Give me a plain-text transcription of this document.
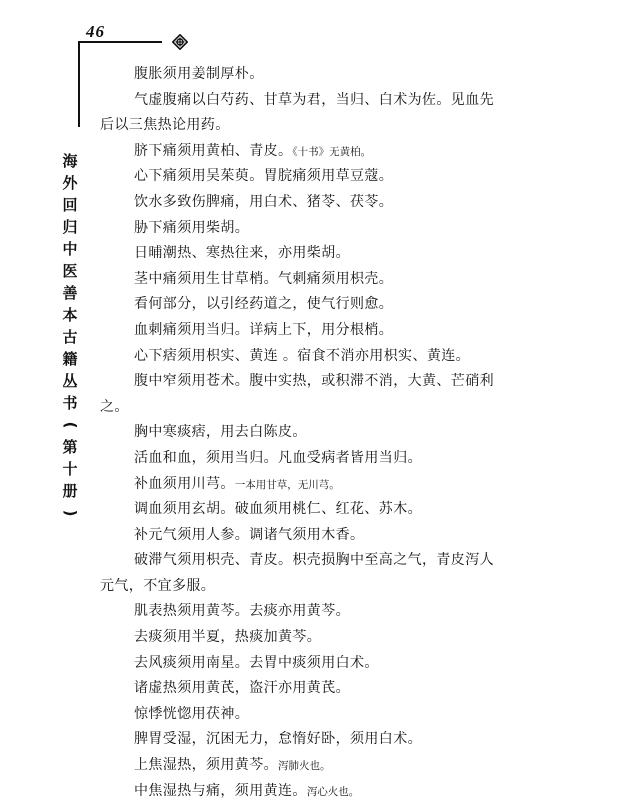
46
海
外
回
归
中
医
善
本
古
籍
丛
书
(
第
十
册
)
腹胀须用姜制厚朴。
气虚腹痛以白芍药、甘草为君，当归、白术为佐。见血先
后以三焦热论用药。
脐下痛须用黄柏、青皮。《十书》无黄柏。
心下痛须用吴茱萸。胃脘痛须用草豆蔻。
饮水多致伤脾痛，用白术、猪苓、茯苓。
胁下痛须用柴胡。
日晡潮热、寒热往来，亦用柴胡。
茎中痛须用生甘草梢。气刺痛须用枳壳。
看何部分，以引经药道之，使气行则愈。
血刺痛须用当归。详病上下，用分根梢。
心下痞须用枳实、黄连 。宿食不消亦用枳实、黄连。
腹中窄须用苍术。腹中实热，或积滞不消，大黄、芒硝利
之。
胸中寒痰痞，用去白陈皮。
活血和血，须用当归。凡血受病者皆用当归。
补血须用川芎。一本用甘草，无川芎。
调血须用玄胡。破血须用桃仁、红花、苏木。
补元气须用人参。调诸气须用木香。
破滞气须用枳壳、青皮。枳壳损胸中至高之气，青皮泻人
元气，不宜多服。
肌表热须用黄芩。去痰亦用黄芩。
去痰须用半夏，热痰加黄芩。
去风痰须用南星。去胃中痰须用白术。
诸虚热须用黄芪，盗汗亦用黄芪。
惊悸恍惚用茯神。
脾胃受湿，沉困无力，怠惰好卧，须用白术。
上焦湿热，须用黄芩。泻肺火也。
中焦湿热与痛，须用黄连。泻心火也。
